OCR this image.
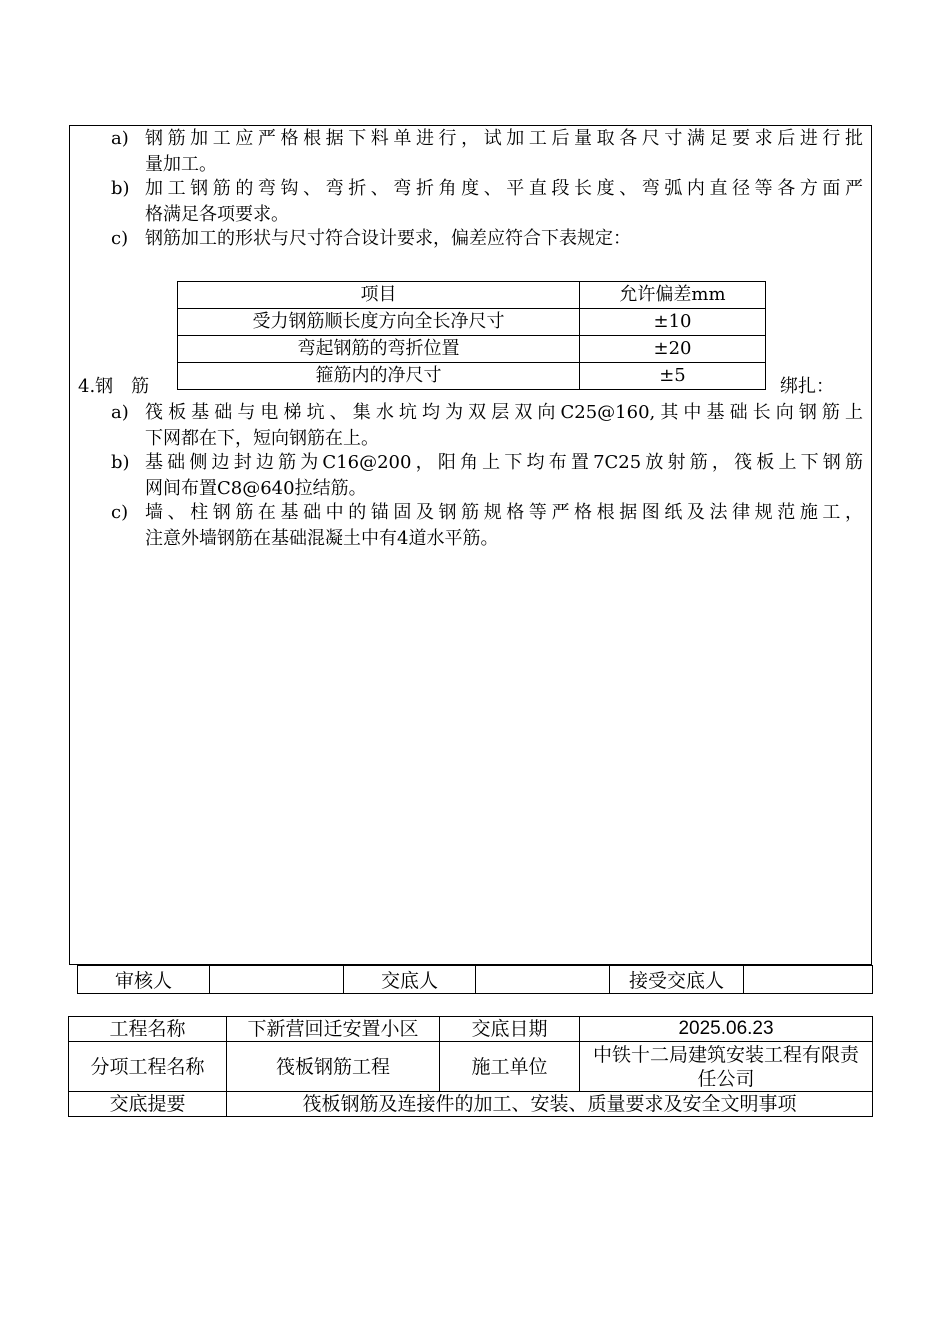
a) 钢筋加工应严格根据下料单进行，试加工后量取各尺寸满足要求后进行批
量加工。
b) 加工钢筋的弯钩、弯折、弯折角度、平直段长度、弯弧内直径等各方面严
格满足各项要求。
c) 钢筋加工的形状与尺寸符合设计要求，偏差应符合下表规定：
项目	允许偏差mm
受力钢筋顺长度方向全长净尺寸	±10
弯起钢筋的弯折位置	±20
箍筋内的净尺寸	±5
4.钢　筋	绑扎：
a) 筏板基础与电梯坑、集水坑均为双层双向C25@160,其中基础长向钢筋上
下网都在下，短向钢筋在上。
b) 基础侧边封边筋为C16@200，阳角上下均布置7C25放射筋，筏板上下钢筋
网间布置C8@640拉结筋。
c) 墙、柱钢筋在基础中的锚固及钢筋规格等严格根据图纸及法律规范施工，
注意外墙钢筋在基础混凝土中有4道水平筋。
审核人		交底人		接受交底人	
工程名称	下新营回迁安置小区	交底日期	2025.06.23
分项工程名称	筏板钢筋工程	施工单位	中铁十二局建筑安装工程有限责任公司
交底提要	筏板钢筋及连接件的加工、安装、质量要求及安全文明事项		
